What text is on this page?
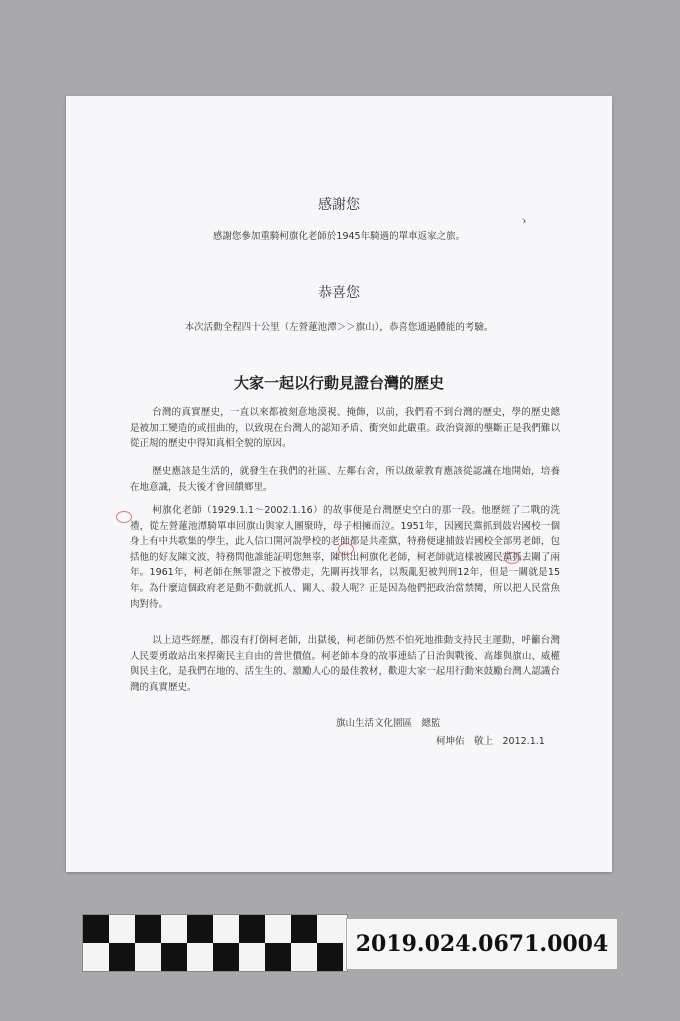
ゝ
感謝您
感謝您參加重騎柯旗化老師於1945年騎過的單車返家之旅。
恭喜您
本次活動全程四十公里（左營蓮池潭＞＞旗山），恭喜您通過體能的考驗。
大家一起以行動見證台灣的歷史
台灣的真實歷史，一直以來都被刻意地漠視、掩飾，以前，我們看不到台灣的歷史，學的歷史總是被加工變造的或扭曲的，以致現在台灣人的認知矛盾、衝突如此嚴重。政治資源的壟斷正是我們難以從正規的歷史中得知真相全貌的原因。
歷史應該是生活的，就發生在我們的社區、左鄰右舍，所以啟蒙教育應該從認識在地開始，培養在地意識，長大後才會回饋鄉里。
柯旗化老師（1929.1.1～2002.1.16）的故事便是台灣歷史空白的那一段。他歷經了二戰的洗禮，從左營蓮池潭騎單車回旗山與家人團聚時，母子相擁而泣。1951年，因國民黨抓到鼓岩國校一個身上有中共歌集的學生，此人信口開河說學校的老師都是共產黨，特務便逮捕鼓岩國校全部男老師，包括他的好友陳文波，特務問他誰能証明您無辜，陳供出柯旗化老師，柯老師就這樣被國民黨抓去關了兩年。1961年，柯老師在無罪證之下被帶走，先關再找罪名，以叛亂犯被判刑12年，但是一關就是15年。為什麼這個政府老是動不動就抓人、關人、殺人呢？正是因為他們把政治當禁臠，所以把人民當魚肉對待。
以上這些經歷，都沒有打倒柯老師，出獄後，柯老師仍然不怕死地推動支持民主運動，呼籲台灣人民要勇敢站出來捍衛民主自由的普世價值。柯老師本身的故事連結了日治與戰後、高雄與旗山、威權與民主化，是我們在地的、活生生的、激勵人心的最佳教材，歡迎大家一起用行動來鼓勵台灣人認識台灣的真實歷史。
旗山生活文化園區　總監
柯坤佑　敬上　2012.1.1
2019.024.0671.0004
